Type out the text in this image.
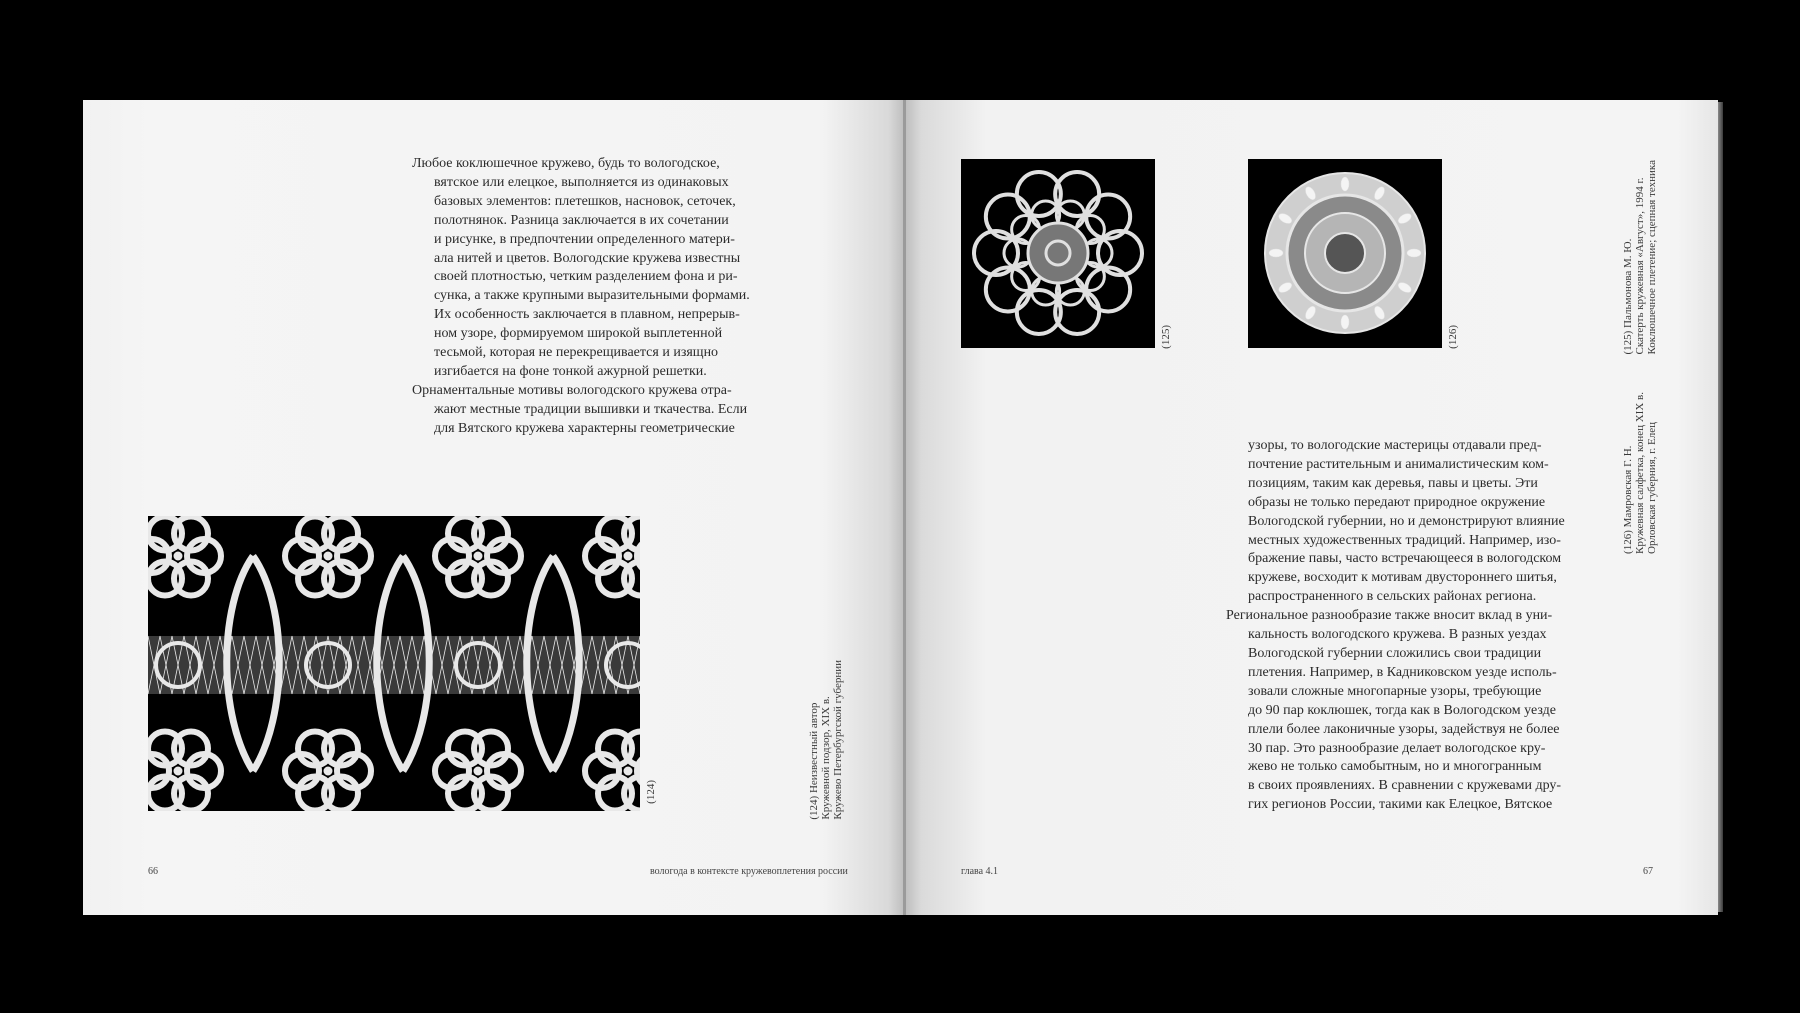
Любое коклюшечное кружево, будь то вологодское,
вятское или елецкое, выполняется из одинаковых
базовых элементов: плетешков, насновок, сеточек,
полотнянок. Разница заключается в их сочетании
и рисунке, в предпочтении определенного матери-
ала нитей и цветов. Вологодские кружева известны
своей плотностью, четким разделением фона и ри-
сунка, а также крупными выразительными формами.
Их особенность заключается в плавном, непрерыв-
ном узоре, формируемом широкой выплетенной
тесьмой, которая не перекрещивается и изящно
изгибается на фоне тонкой ажурной решетки.
Орнаментальные мотивы вологодского кружева отра-
жают местные традиции вышивки и ткачества. Если
для Вятского кружева характерны геометрические
(124)	(124) Неизвестный автор
Кружевной подзор, XIX в.
Кружево Петербургской губернии
66	вологода в контексте кружевоплетения россии
(125)	(126)	(125) Пальмонова М. Ю.
Скатерть кружевная «Август», 1994 г.
Коклюшечное плетение; сцепная техника
(126) Мамровская Г. Н.
Кружевная салфетка, конец XIX в.
Орловская губерния, г. Елец
узоры, то вологодские мастерицы отдавали пред-
почтение растительным и анималистическим ком-
позициям, таким как деревья, павы и цветы. Эти
образы не только передают природное окружение
Вологодской губернии, но и демонстрируют влияние
местных художественных традиций. Например, изо-
бражение павы, часто встречающееся в вологодском
кружеве, восходит к мотивам двустороннего шитья,
распространенного в сельских районах региона.
Региональное разнообразие также вносит вклад в уни-
кальность вологодского кружева. В разных уездах
Вологодской губернии сложились свои традиции
плетения. Например, в Кадниковском уезде исполь-
зовали сложные многопарные узоры, требующие
до 90 пар коклюшек, тогда как в Вологодском уезде
плели более лаконичные узоры, задействуя не более
30 пар. Это разнообразие делает вологодское кру-
жево не только самобытным, но и многогранным
в своих проявлениях. В сравнении с кружевами дру-
гих регионов России, такими как Елецкое, Вятское
глава 4.1	67
